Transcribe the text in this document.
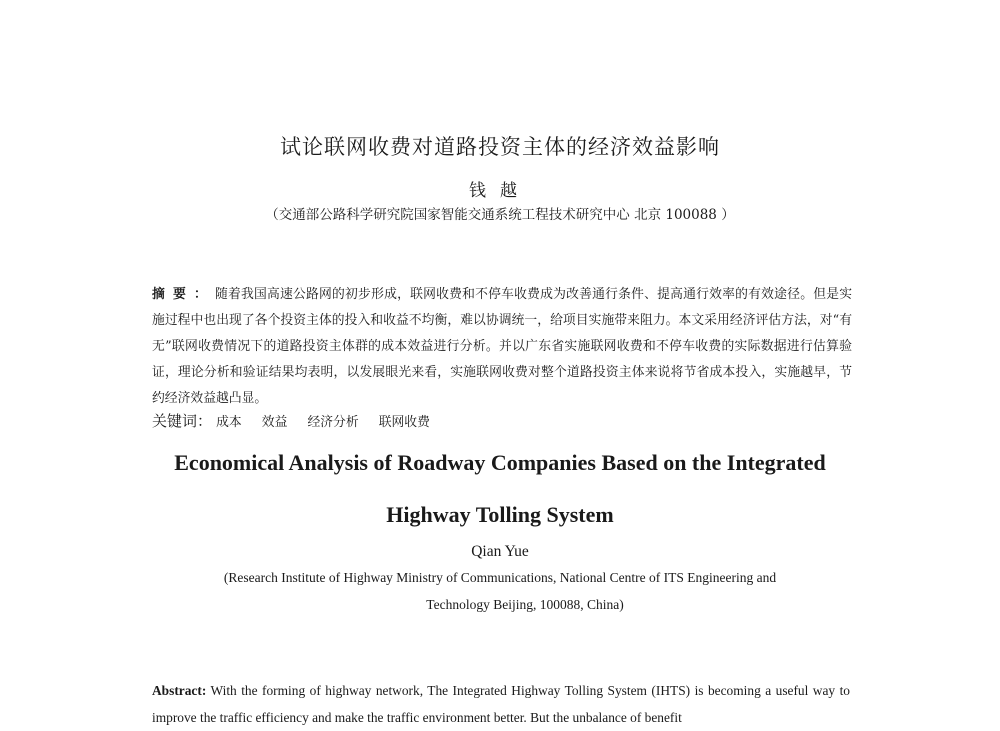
试论联网收费对道路投资主体的经济效益影响
钱越
（交通部公路科学研究院国家智能交通系统工程技术研究中心 北京 100088 ）
摘要：随着我国高速公路网的初步形成，联网收费和不停车收费成为改善通行条件、提高通行效率的有效途径。但是实施过程中也出现了各个投资主体的投入和收益不均衡，难以协调统一，给项目实施带来阻力。本文采用经济评估方法，对“有无”联网收费情况下的道路投资主体群的成本效益进行分析。并以广东省实施联网收费和不停车收费的实际数据进行估算验证，理论分析和验证结果均表明，以发展眼光来看，实施联网收费对整个道路投资主体来说将节省成本投入，实施越早，节约经济效益越凸显。
关键词： 成本 效益 经济分析 联网收费
Economical Analysis of Roadway Companies Based on the Integrated
Highway Tolling System
Qian Yue
(Research Institute of Highway Ministry of Communications, National Centre of ITS Engineering and
Technology Beijing, 100088, China)
Abstract: With the forming of highway network, The Integrated Highway Tolling System (IHTS) is becoming a useful way to improve the traffic efficiency and make the traffic environment better. But the unbalance of benefit
